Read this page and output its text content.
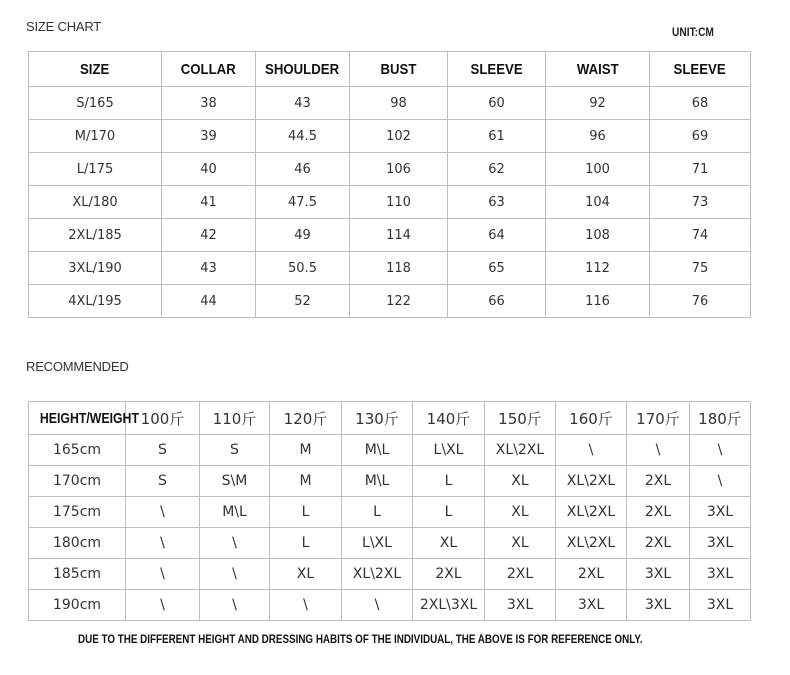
SIZE CHART	UNIT:CM
SIZE	COLLAR	SHOULDER	BUST	SLEEVE	WAIST	SLEEVE
S/165	38	43	98	60	92	68
M/170	39	44.5	102	61	96	69
L/175	40	46	106	62	100	71
XL/180	41	47.5	110	63	104	73
2XL/185	42	49	114	64	108	74
3XL/190	43	50.5	118	65	112	75
4XL/195	44	52	122	66	116	76
RECOMMENDED
HEIGHT/WEIGHT	100斤	110斤	120斤	130斤	140斤	150斤	160斤	170斤	180斤
165cm	S	S	M	M\L	L\XL	XL\2XL	\	\	\
170cm	S	S\M	M	M\L	L	XL	XL\2XL	2XL	\
175cm	\	M\L	L	L	L	XL	XL\2XL	2XL	3XL
180cm	\	\	L	L\XL	XL	XL	XL\2XL	2XL	3XL
185cm	\	\	XL	XL\2XL	2XL	2XL	2XL	3XL	3XL
190cm	\	\	\	\	2XL\3XL	3XL	3XL	3XL	3XL
DUE TO THE DIFFERENT HEIGHT AND DRESSING HABITS OF THE INDIVIDUAL, THE ABOVE IS FOR REFERENCE ONLY.
